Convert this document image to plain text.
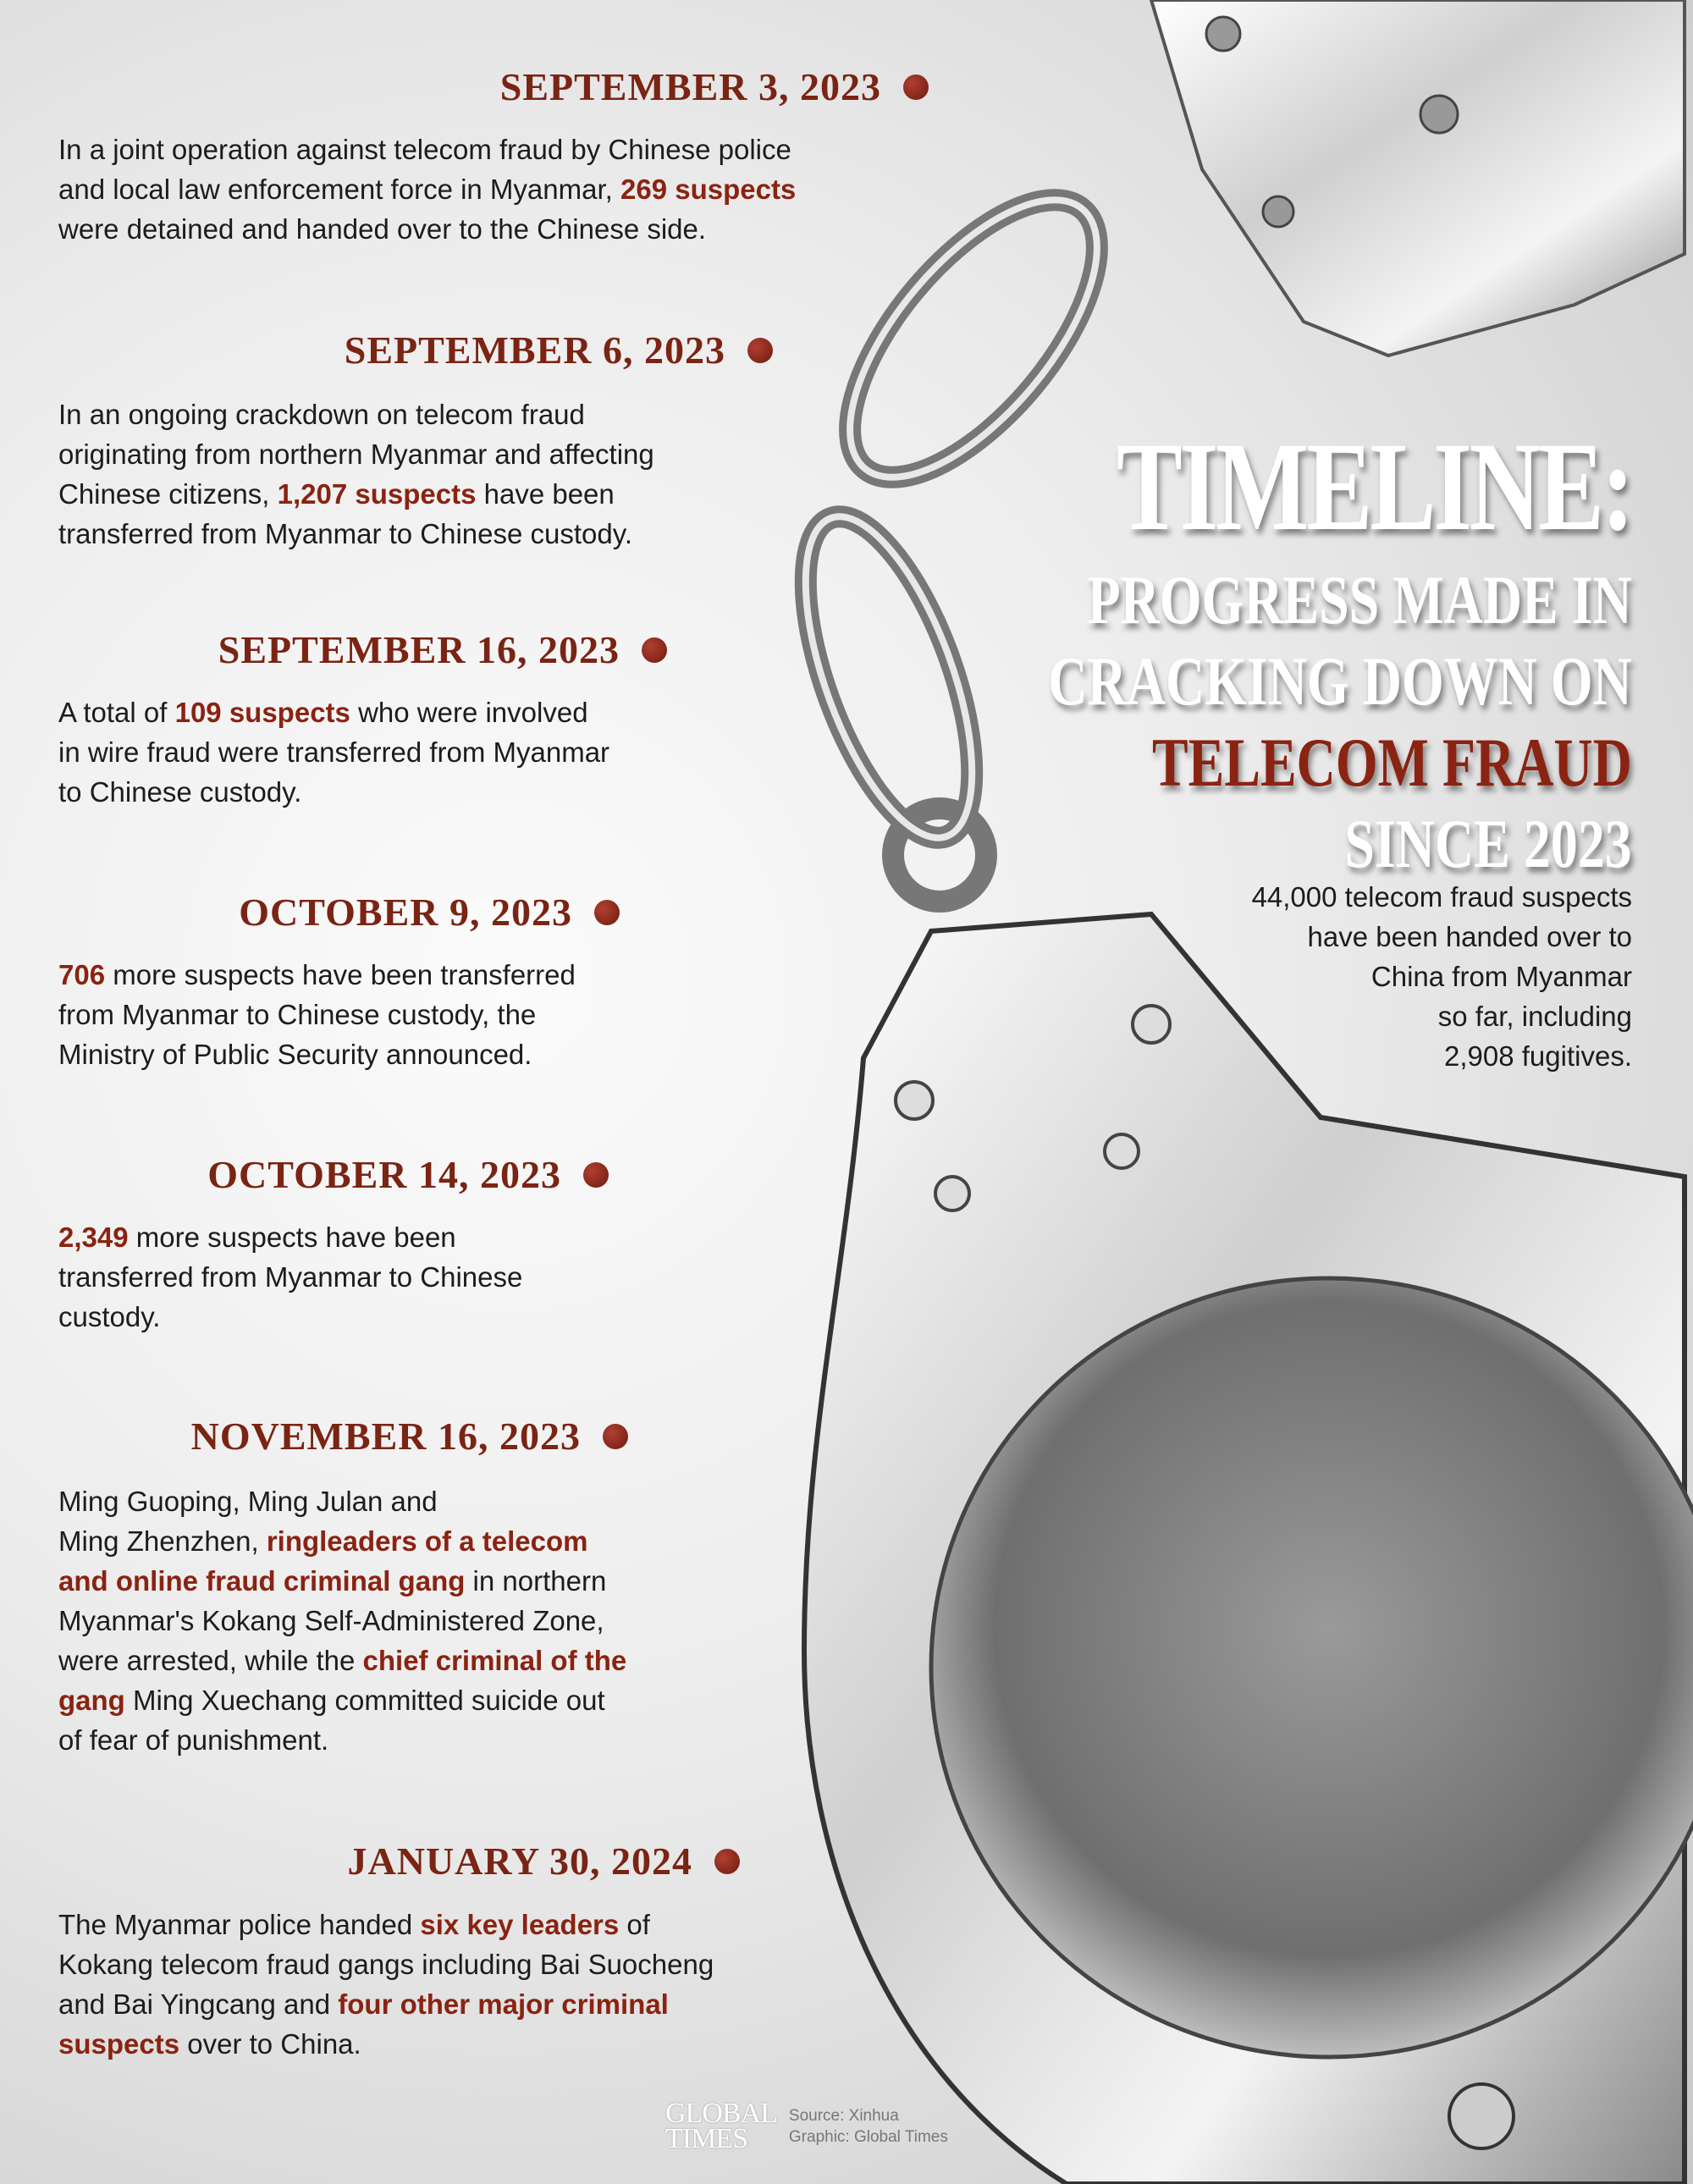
SEPTEMBER 3, 2023
In a joint operation against telecom fraud by Chinese police
and local law enforcement force in Myanmar, 269 suspects
were detained and handed over to the Chinese side.
SEPTEMBER 6, 2023
In an ongoing crackdown on telecom fraud
originating from northern Myanmar and affecting
Chinese citizens, 1,207 suspects have been
transferred from Myanmar to Chinese custody.
SEPTEMBER 16, 2023
A total of 109 suspects who were involved
in wire fraud were transferred from Myanmar
to Chinese custody.
OCTOBER 9, 2023
706 more suspects have been transferred
from Myanmar to Chinese custody, the
Ministry of Public Security announced.
OCTOBER 14, 2023
2,349 more suspects have been
transferred from Myanmar to Chinese
custody.
NOVEMBER 16, 2023
Ming Guoping, Ming Julan and
Ming Zhenzhen, ringleaders of a telecom
and online fraud criminal gang in northern
Myanmar's Kokang Self-Administered Zone,
were arrested, while the chief criminal of the
gang Ming Xuechang committed suicide out
of fear of punishment.
JANUARY 30, 2024
The Myanmar police handed six key leaders of
Kokang telecom fraud gangs including Bai Suocheng
and Bai Yingcang and four other major criminal
suspects over to China.
TIMELINE:
PROGRESS MADE IN
CRACKING DOWN ON
TELECOM FRAUD
SINCE 2023
44,000 telecom fraud suspects
have been handed over to
China from Myanmar
so far, including
2,908 fugitives.
GLOBAL
TIMES
Source: Xinhua
Graphic: Global Times
